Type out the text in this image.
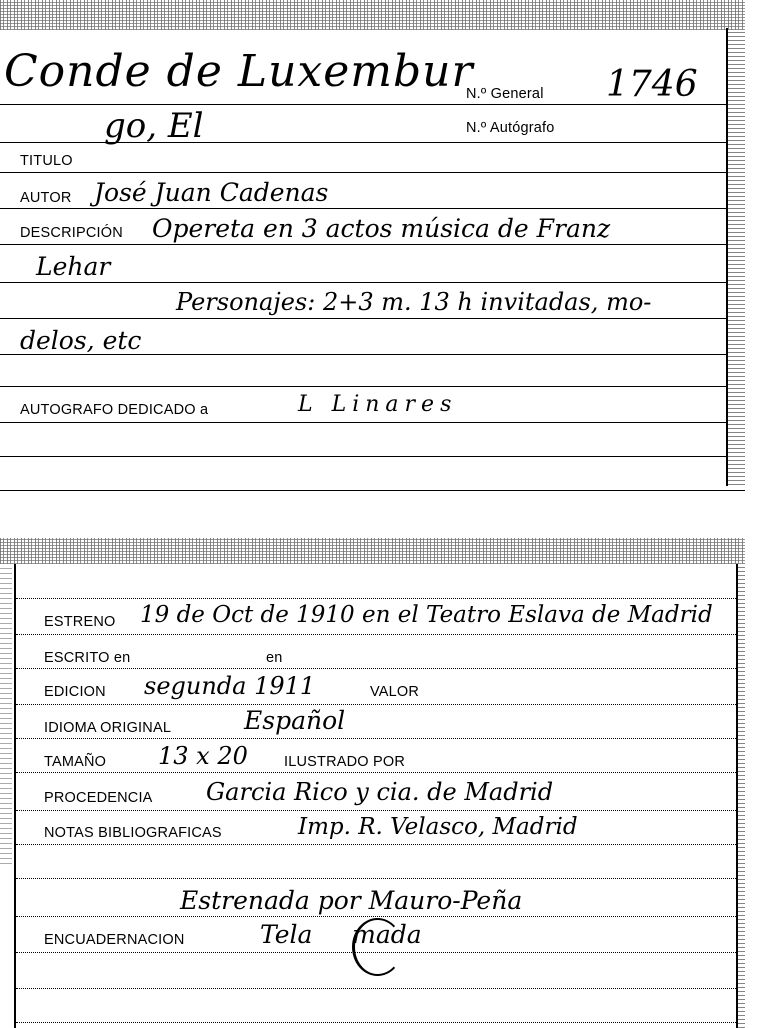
Conde de Luxembur
go, El
N.º General 1746
N.º Autógrafo
TITULO
AUTOR José Juan Cadenas
DESCRIPCIÓN Opereta en 3 actos música de Franz
Lehar
Personajes: 2+3 m. 13 h invitadas, mo-
delos, etc
AUTOGRAFO DEDICADO a	L Linares
ESTRENO 19 de Oct de 1910 en el Teatro Eslava de Madrid
ESCRITO en	en
EDICION segunda 1911	VALOR
IDIOMA ORIGINAL	Español
TAMAÑO 13 x 20 ILUSTRADO POR
PROCEDENCIA Garcia Rico y cia. de Madrid
NOTAS BIBLIOGRAFICAS	Imp. R. Velasco, Madrid
Estrenada por Mauro-Peña
ENCUADERNACION	Tela     mada
